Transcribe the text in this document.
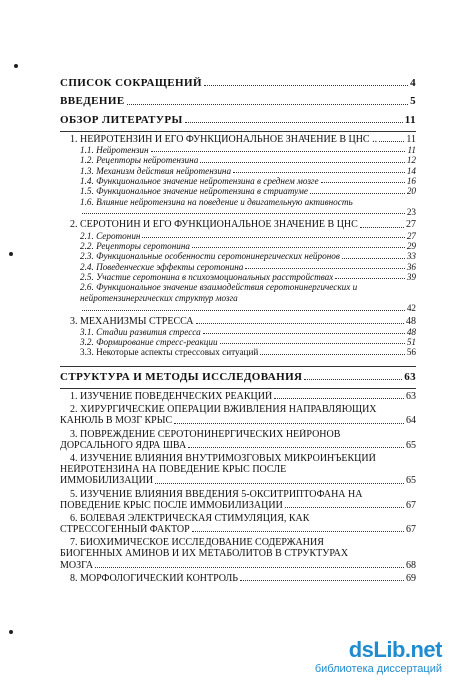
СПИСОК СОКРАЩЕНИЙ	4
ВВЕДЕНИЕ	5
ОБЗОР ЛИТЕРАТУРЫ	11
1. НЕЙРОТЕНЗИН И ЕГО ФУНКЦИОНАЛЬНОЕ ЗНАЧЕНИЕ В ЦНС ..	11
1.1. Нейротензин	11
1.2. Рецепторы нейротензина	12
1.3. Механизм действия нейротензина	14
1.4. Функциональное значение нейротензина в среднем мозге	16
1.5. Функциональное значение нейротензина в стриатуме	20
1.6. Влияние нейротензина на поведение и двигательную активность
23
2. СЕРОТОНИН И ЕГО ФУНКЦИОНАЛЬНОЕ ЗНАЧЕНИЕ В ЦНС	27
2.1. Серотонин	27
2.2. Рецепторы серотонина	29
2.3. Функциональные особенности серотонинергических нейронов	33
2.4. Поведенческие эффекты серотонина	36
2.5. Участие серотонина в психоэмоциональных расстройствах	39
2.6. Функциональное значение взаимодействия серотонинергических и нейротензинергических структур мозга
42
3. МЕХАНИЗМЫ СТРЕССА	48
3.1. Стадии развития стресса	48
3.2. Формирование стресс-реакции	51
3.3. Некоторые аспекты стрессовых ситуаций	56
СТРУКТУРА И МЕТОДЫ ИССЛЕДОВАНИЯ	63
1. ИЗУЧЕНИЕ ПОВЕДЕНЧЕСКИХ РЕАКЦИЙ	63
2. ХИРУРГИЧЕСКИЕ ОПЕРАЦИИ ВЖИВЛЕНИЯ НАПРАВЛЯЮЩИХ
КАНЮЛЬ В МОЗГ КРЫС	64
3. ПОВРЕЖДЕНИЕ СЕРОТОНИНЕРГИЧЕСКИХ НЕЙРОНОВ
ДОРСАЛЬНОГО ЯДРА ШВА	65
4. ИЗУЧЕНИЕ ВЛИЯНИЯ ВНУТРИМОЗГОВЫХ МИКРОИНЪЕКЦИЙ
НЕЙРОТЕНЗИНА НА ПОВЕДЕНИЕ КРЫС ПОСЛЕ
ИММОБИЛИЗАЦИИ	65
5. ИЗУЧЕНИЕ ВЛИЯНИЯ ВВЕДЕНИЯ 5-ОКСИТРИПТОФАНА НА
ПОВЕДЕНИЕ КРЫС ПОСЛЕ ИММОБИЛИЗАЦИИ	67
6. БОЛЕВАЯ ЭЛЕКТРИЧЕСКАЯ СТИМУЛЯЦИЯ, КАК
СТРЕССОГЕННЫЙ ФАКТОР	67
7. БИОХИМИЧЕСКОЕ ИССЛЕДОВАНИЕ СОДЕРЖАНИЯ
БИОГЕННЫХ АМИНОВ И ИХ МЕТАБОЛИТОВ В СТРУКТУРАХ
МОЗГА	68
8. МОРФОЛОГИЧЕСКИЙ КОНТРОЛЬ	69
dsLib.net
библиотека диссертаций
